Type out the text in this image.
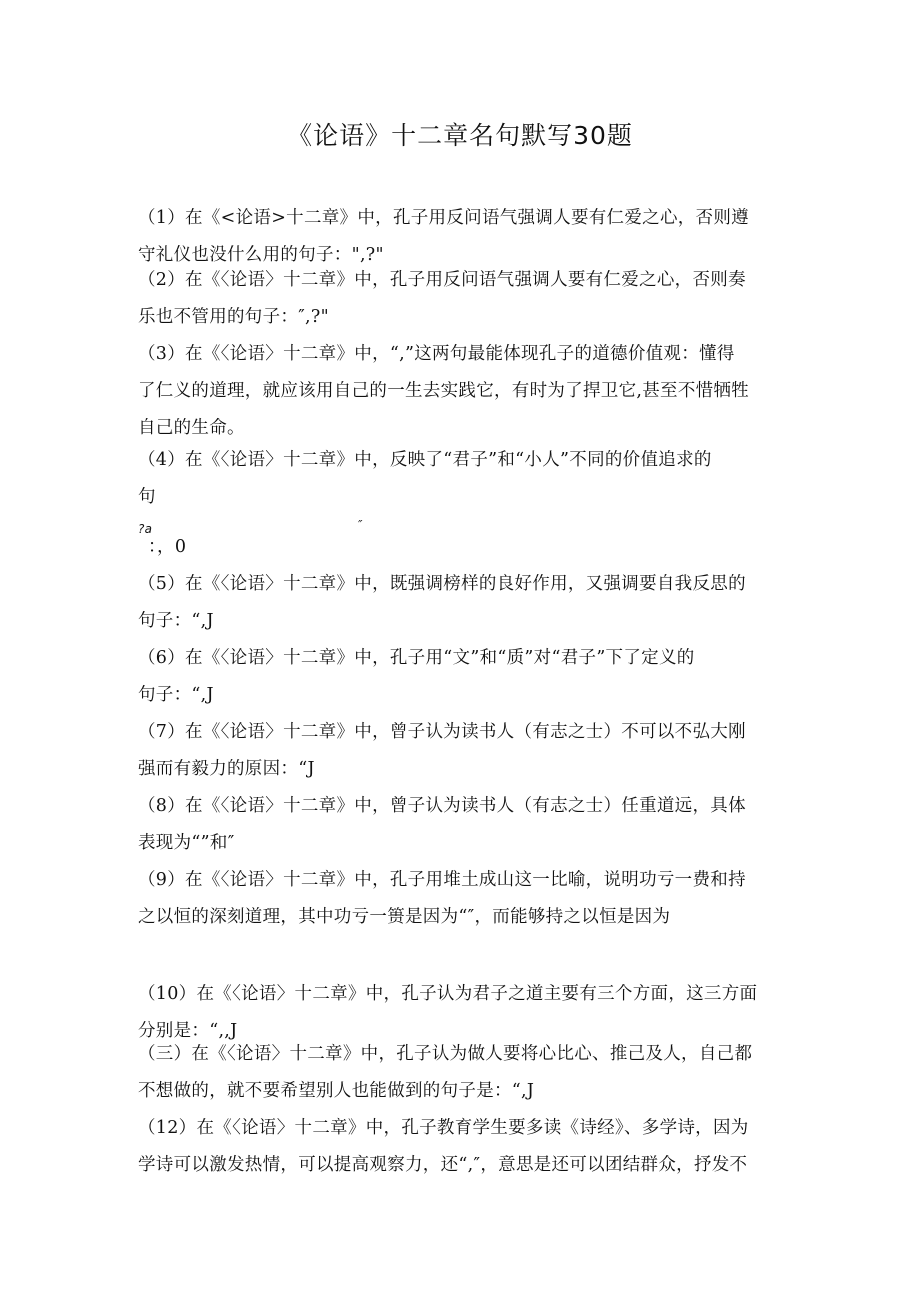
《论语》十二章名句默写30题
（1）在《<论语>十二章》中，孔子用反问语气强调人要有仁爱之心，否则遵
守礼仪也没什么用的句子：",?"
（2）在《〈论语〉十二章》中，孔子用反问语气强调人要有仁爱之心，否则奏
乐也不管用的句子：″,?"
（3）在《〈论语〉十二章》中，“,”这两句最能体现孔子的道德价值观：懂得
了仁义的道理，就应该用自己的一生去实践它，有时为了捍卫它,甚至不惜牺牲
自己的生命。
（4）在《〈论语〉十二章》中，反映了“君子”和“小人”不同的价值追求的
句
?a	″
：，0
（5）在《〈论语〉十二章》中，既强调榜样的良好作用，又强调要自我反思的
句子：“,J
（6）在《〈论语〉十二章》中，孔子用“文”和“质”对“君子”下了定义的
句子：“,J
（7）在《〈论语〉十二章》中，曾子认为读书人（有志之士）不可以不弘大刚
强而有毅力的原因：“J
（8）在《〈论语〉十二章》中，曾子认为读书人（有志之士）任重道远，具体
表现为“”和″
（9）在《〈论语〉十二章》中，孔子用堆土成山这一比喻，说明功亏一费和持
之以恒的深刻道理，其中功亏一篑是因为“″，而能够持之以恒是因为
（10）在《〈论语〉十二章》中，孔子认为君子之道主要有三个方面，这三方面
分别是：“,,J
（三）在《〈论语〉十二章》中，孔子认为做人要将心比心、推己及人，自己都
不想做的，就不要希望别人也能做到的句子是：“,J
（12）在《〈论语〉十二章》中，孔子教育学生要多读《诗经》、多学诗，因为
学诗可以激发热情，可以提高观察力，还“,″，意思是还可以团结群众，抒发不
